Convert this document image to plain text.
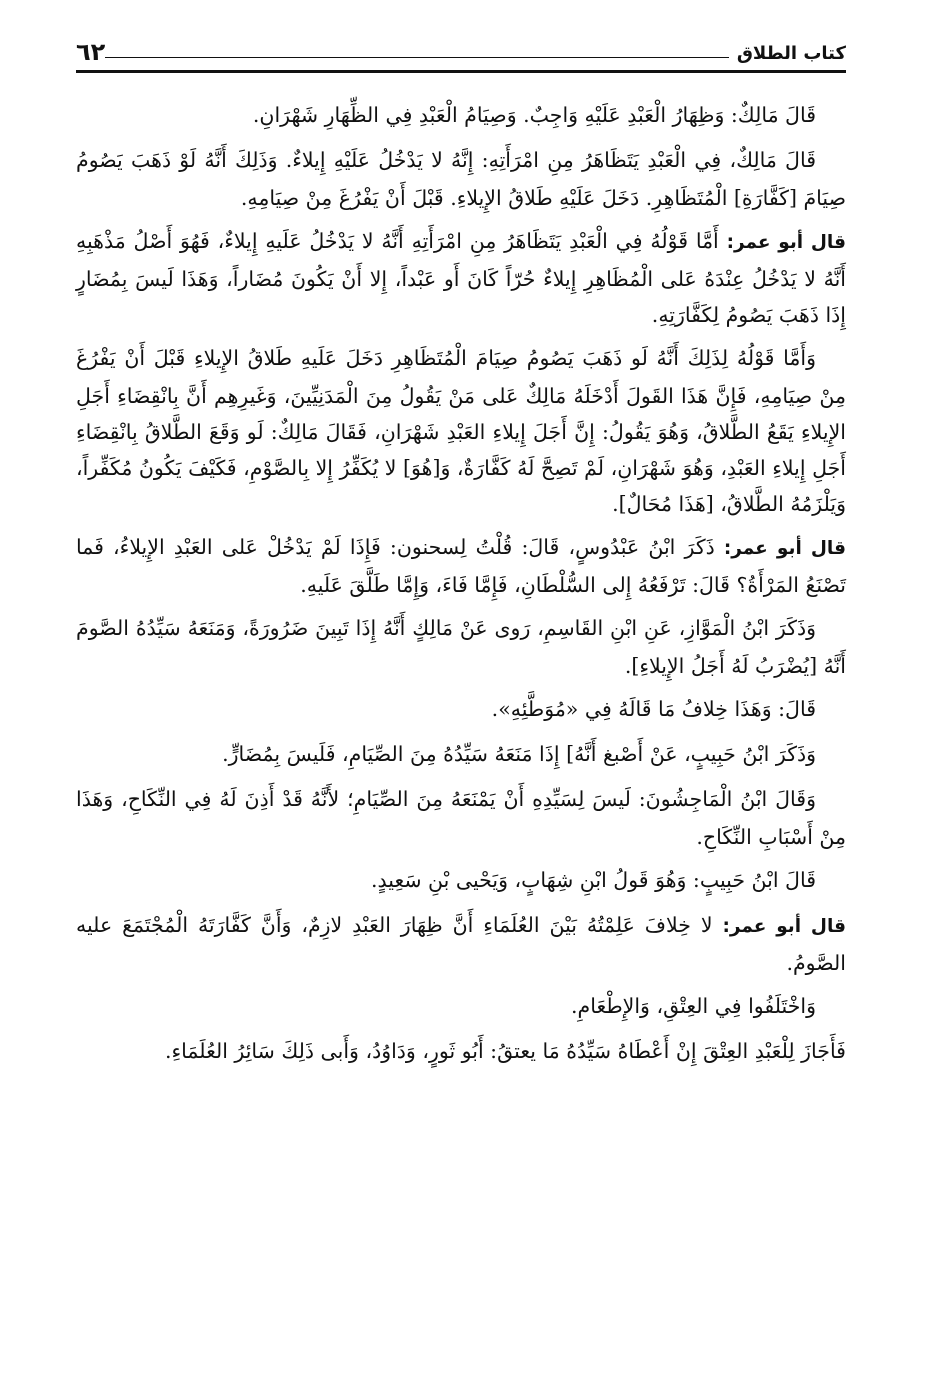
كتاب الطلاق
٦٢

قَالَ مَالِكٌ: وَظِهَارُ الْعَبْدِ عَلَيْهِ وَاجِبٌ. وَصِيَامُ الْعَبْدِ فِي الظِّهَارِ شَهْرَانِ.

قَالَ مَالِكٌ، فِي الْعَبْدِ يَتَظَاهَرُ مِنِ امْرَأَتِهِ: إِنَّهُ لا يَدْخُلُ عَلَيْهِ إِيلاءٌ. وَذَلِكَ أَنَّهُ لَوْ ذَهَبَ يَصُومُ صِيَامَ [كَفَّارَةِ] الْمُتَظَاهِرِ. دَخَلَ عَلَيْهِ طَلاقُ الإِيلاءِ. قَبْلَ أَنْ يَفْرُغَ مِنْ صِيَامِهِ.

قال أبو عمر: أَمَّا قَوْلُهُ فِي الْعَبْدِ يَتَظَاهَرُ مِنِ امْرَأَتِهِ أَنَّهُ لا يَدْخُلُ عَلَيهِ إِيلاءٌ، فَهُوَ أَصْلُ مَذْهَبِهِ أَنَّهُ لا يَدْخُلُ عِنْدَهُ عَلى الْمُظَاهِرِ إِيلاءٌ حُرّاً كَانَ أَو عَبْداً، إِلا أَنْ يَكُونَ مُضَاراً، وَهَذَا لَيسَ بِمُضَارٍ إِذَا ذَهَبَ يَصُومُ لِكَفَّارَتِهِ.

وَأَمَّا قَوْلُهُ لِذَلِكَ أَنَّهُ لَو ذَهَبَ يَصُومُ صِيَامَ الْمُتَظَاهِرِ دَخَلَ عَلَيهِ طَلاقُ الإِيلاءِ قَبْلَ أَنْ يَفْرُغَ مِنْ صِيَامِهِ، فَإِنَّ هَذَا القَولَ أَدْخَلَهُ مَالِكٌ عَلى مَنْ يَقُولُ مِنَ الْمَدَنِيِّينَ، وَغَيرِهِم أَنَّ بِانْقِضَاءِ أَجَلِ الإِيلاءِ يَقَعُ الطَّلاقُ، وَهُوَ يَقُولُ: إِنَّ أَجَلَ إِيلاءِ العَبْدِ شَهْرَانِ، فَقَالَ مَالِكٌ: لَو وَقَعَ الطَّلاقُ بِانْقِضَاءِ أَجَلِ إِيلاءِ العَبْدِ، وَهُوَ شَهْرَانِ، لَمْ تَصِحَّ لَهُ كَفَّارَةٌ، وَ[هُوَ] لا يُكَفِّرُ إِلا بِالصَّوْمِ، فَكَيْفَ يَكُونُ مُكَفِّراً، وَيَلْزَمُهُ الطَّلاقُ، [هَذَا مُحَالٌ].

قال أبو عمر: ذَكَرَ ابْنُ عَبْدُوسٍ، قَالَ: قُلْتُ لِسحنون: فَإِذَا لَمْ يَدْخُلْ عَلى العَبْدِ الإِيلاءُ، فَما تَصْنَعُ المَرْأَةُ؟ قَالَ: تَرْفَعُهُ إِلى السُّلْطَانِ، فَإِمَّا فَاءَ، وَإِمَّا طَلَّقَ عَلَيهِ.

وَذَكَرَ ابْنُ الْمَوَّازِ، عَنِ ابْنِ القَاسِمِ، رَوى عَنْ مَالِكٍ أَنَّهُ إِذَا تَبِينَ ضَرُورَةً، وَمَنَعَهُ سَيِّدُهُ الصَّومَ أَنَّهُ [يُضْرَبُ لَهُ أَجَلُ الإِيلاءِ].

قَالَ: وَهَذَا خِلافُ مَا قَالَهُ فِي «مُوَطَّئِهِ».

وَذَكَرَ ابْنُ حَبِيبٍ، عَنْ أَصْبغ أَنَّهُ] إِذَا مَنَعَهُ سَيِّدُهُ مِنَ الصِّيَامِ، فَلَيسَ بِمُضَارٍّ.

وَقَالَ ابْنُ الْمَاجِشُونَ: لَيسَ لِسَيِّدِهِ أَنْ يَمْنَعَهُ مِنَ الصِّيَامِ؛ لأَنَّهُ قَدْ أَذِنَ لَهُ فِي النِّكَاحِ، وَهَذَا مِنْ أَسْبَابِ النِّكَاحِ.

قَالَ ابْنُ حَبِيبٍ: وَهُوَ قَولُ ابْنِ شِهَابٍ، وَيَحْيى بْنِ سَعِيدٍ.

قال أبو عمر: لا خِلافَ عَلِمْتُهُ بَيْنَ العُلَمَاءِ أَنَّ ظِهَارَ العَبْدِ لازِمٌ، وَأَنَّ كَفَّارَتَهُ الْمُجْتَمَعَ عليه الصَّومُ.

وَاخْتَلَفُوا فِي العِتْقِ، وَالإِطْعَامِ.

فَأَجَازَ لِلْعَبْدِ العِتْقَ إِنْ أَعْطَاهُ سَيِّدُهُ مَا يعتقُ: أَبُو ثَورٍ، وَدَاوُدُ، وَأَبى ذَلِكَ سَائِرُ العُلَمَاءِ.
